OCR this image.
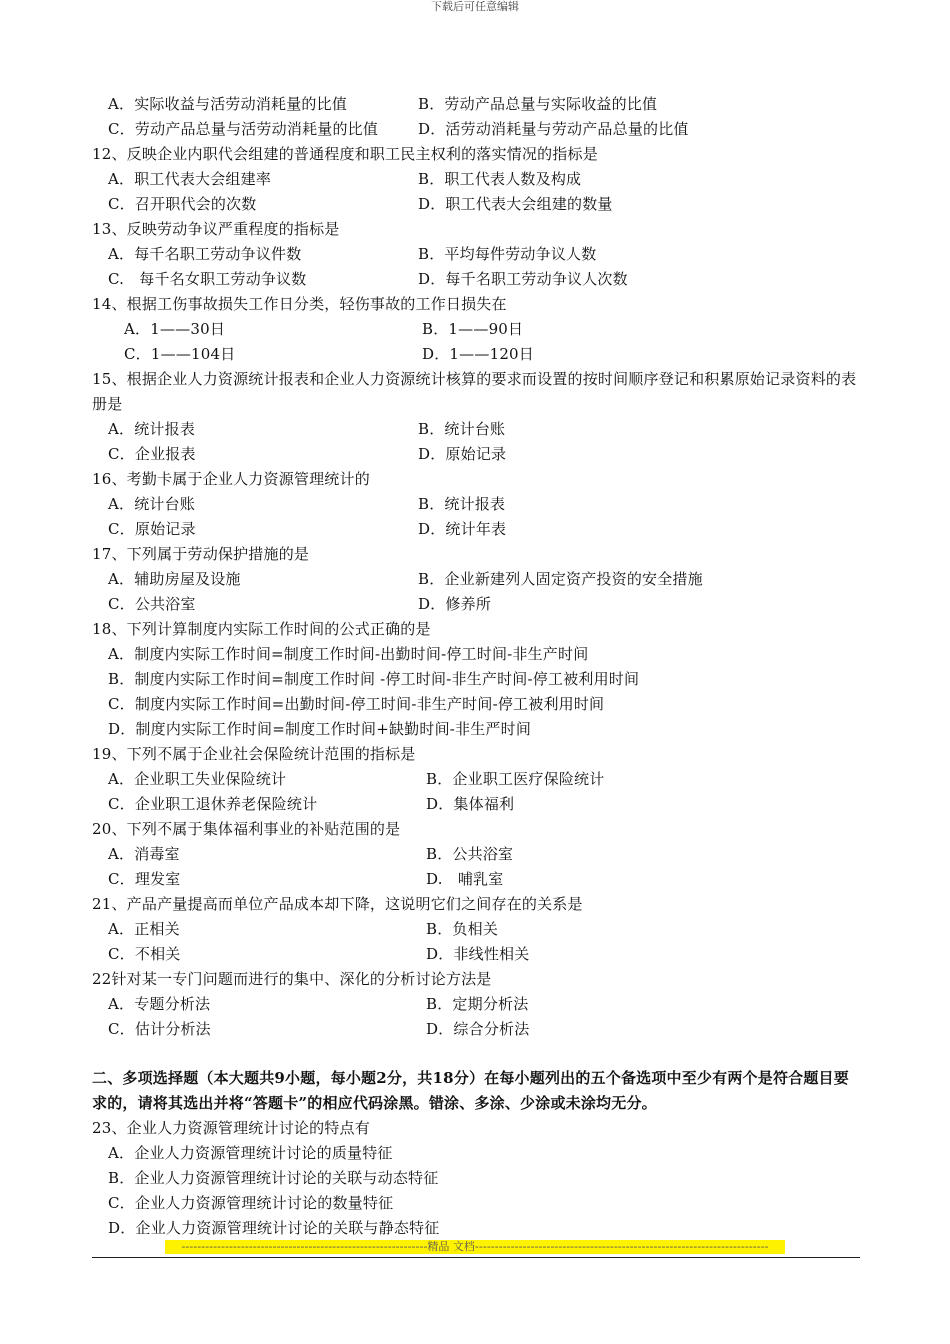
下载后可任意编辑
A．实际收益与活劳动消耗量的比值	B．劳动产品总量与实际收益的比值
C．劳动产品总量与活劳动消耗量的比值	D．活劳动消耗量与劳动产品总量的比值
12、反映企业内职代会组建的普通程度和职工民主权利的落实情况的指标是
A．职工代表大会组建率	B．职工代表人数及构成
C．召开职代会的次数	D．职工代表大会组建的数量
13、反映劳动争议严重程度的指标是
A．每千名职工劳动争议件数	B．平均每件劳动争议人数
C.　每千名女职工劳动争议数	D．每千名职工劳动争议人次数
14、根据工伤事故损失工作日分类，轻伤事故的工作日损失在
A．1——30日	B．1——90日
C．1——104日	D．1——120日
15、根据企业人力资源统计报表和企业人力资源统计核算的要求而设置的按时间顺序登记和积累原始记录资料的表册是
A．统计报表	B．统计台账
C．企业报表	D．原始记录
16、考勤卡属于企业人力资源管理统计的
A．统计台账	B．统计报表
C．原始记录	D．统计年表
17、下列属于劳动保护措施的是
A．辅助房屋及设施	B．企业新建列人固定资产投资的安全措施
C．公共浴室	D．修养所
18、下列计算制度内实际工作时间的公式正确的是
A．制度内实际工作时间=制度工作时间-出勤时间-停工时间-非生产时间
B．制度内实际工作时间=制度工作时间 -停工时间-非生产时间-停工被利用时间
C．制度内实际工作时间=出勤时间-停工时间-非生产时间-停工被利用时间
D．制度内实际工作时间=制度工作时间+缺勤时间-非生严时间
19、下列不属于企业社会保险统计范围的指标是
A．企业职工失业保险统计	B．企业职工医疗保险统计
C．企业职工退休养老保险统计	D．集体福利
20、下列不属于集体福利事业的补贴范围的是
A．消毒室	B．公共浴室
C．理发室	D.　哺乳室
21、产品产量提高而单位产品成本却下降，这说明它们之间存在的关系是
A．正相关	B．负相关
C．不相关	D．非线性相关
22针对某一专门问题而进行的集中、深化的分析讨论方法是
A．专题分析法	B．定期分析法
C．估计分析法	D．综合分析法
二、多项选择题（本大题共9小题，每小题2分，共18分）在每小题列出的五个备选项中至少有两个是符合题目要求的，请将其选出并将“答题卡”的相应代码涂黑。错涂、多涂、少涂或未涂均无分。
23、企业人力资源管理统计讨论的特点有
A．企业人力资源管理统计讨论的质量特征
B．企业人力资源管理统计讨论的关联与动态特征
C．企业人力资源管理统计讨论的数量特征
D．企业人力资源管理统计讨论的关联与静态特征
--------------------------------------------------------------精品 文档--------------------------------------------------------------------------
